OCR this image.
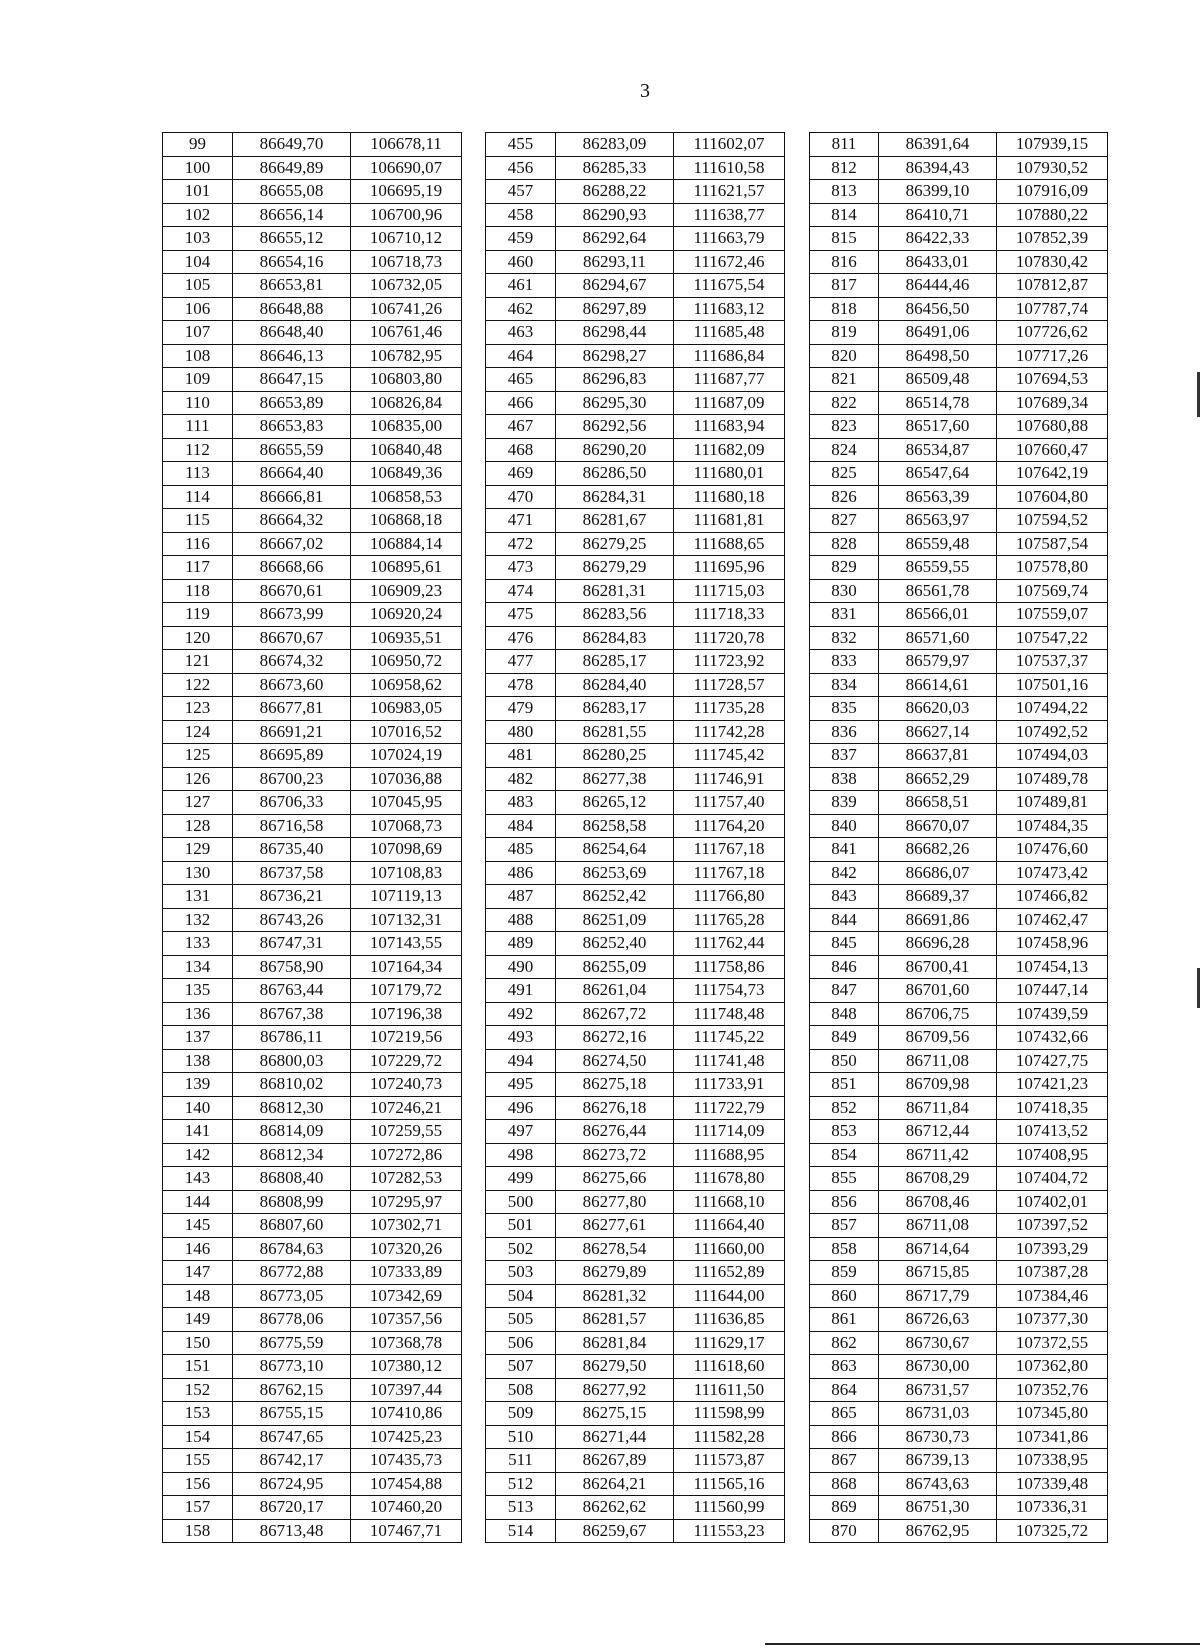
3
99	86649,70	106678,11		455	86283,09	111602,07		811	86391,64	107939,15
100	86649,89	106690,07		456	86285,33	111610,58		812	86394,43	107930,52
101	86655,08	106695,19		457	86288,22	111621,57		813	86399,10	107916,09
102	86656,14	106700,96		458	86290,93	111638,77		814	86410,71	107880,22
103	86655,12	106710,12		459	86292,64	111663,79		815	86422,33	107852,39
104	86654,16	106718,73		460	86293,11	111672,46		816	86433,01	107830,42
105	86653,81	106732,05		461	86294,67	111675,54		817	86444,46	107812,87
106	86648,88	106741,26		462	86297,89	111683,12		818	86456,50	107787,74
107	86648,40	106761,46		463	86298,44	111685,48		819	86491,06	107726,62
108	86646,13	106782,95		464	86298,27	111686,84		820	86498,50	107717,26
109	86647,15	106803,80		465	86296,83	111687,77		821	86509,48	107694,53
110	86653,89	106826,84		466	86295,30	111687,09		822	86514,78	107689,34
111	86653,83	106835,00		467	86292,56	111683,94		823	86517,60	107680,88
112	86655,59	106840,48		468	86290,20	111682,09		824	86534,87	107660,47
113	86664,40	106849,36		469	86286,50	111680,01		825	86547,64	107642,19
114	86666,81	106858,53		470	86284,31	111680,18		826	86563,39	107604,80
115	86664,32	106868,18		471	86281,67	111681,81		827	86563,97	107594,52
116	86667,02	106884,14		472	86279,25	111688,65		828	86559,48	107587,54
117	86668,66	106895,61		473	86279,29	111695,96		829	86559,55	107578,80
118	86670,61	106909,23		474	86281,31	111715,03		830	86561,78	107569,74
119	86673,99	106920,24		475	86283,56	111718,33		831	86566,01	107559,07
120	86670,67	106935,51		476	86284,83	111720,78		832	86571,60	107547,22
121	86674,32	106950,72		477	86285,17	111723,92		833	86579,97	107537,37
122	86673,60	106958,62		478	86284,40	111728,57		834	86614,61	107501,16
123	86677,81	106983,05		479	86283,17	111735,28		835	86620,03	107494,22
124	86691,21	107016,52		480	86281,55	111742,28		836	86627,14	107492,52
125	86695,89	107024,19		481	86280,25	111745,42		837	86637,81	107494,03
126	86700,23	107036,88		482	86277,38	111746,91		838	86652,29	107489,78
127	86706,33	107045,95		483	86265,12	111757,40		839	86658,51	107489,81
128	86716,58	107068,73		484	86258,58	111764,20		840	86670,07	107484,35
129	86735,40	107098,69		485	86254,64	111767,18		841	86682,26	107476,60
130	86737,58	107108,83		486	86253,69	111767,18		842	86686,07	107473,42
131	86736,21	107119,13		487	86252,42	111766,80		843	86689,37	107466,82
132	86743,26	107132,31		488	86251,09	111765,28		844	86691,86	107462,47
133	86747,31	107143,55		489	86252,40	111762,44		845	86696,28	107458,96
134	86758,90	107164,34		490	86255,09	111758,86		846	86700,41	107454,13
135	86763,44	107179,72		491	86261,04	111754,73		847	86701,60	107447,14
136	86767,38	107196,38		492	86267,72	111748,48		848	86706,75	107439,59
137	86786,11	107219,56		493	86272,16	111745,22		849	86709,56	107432,66
138	86800,03	107229,72		494	86274,50	111741,48		850	86711,08	107427,75
139	86810,02	107240,73		495	86275,18	111733,91		851	86709,98	107421,23
140	86812,30	107246,21		496	86276,18	111722,79		852	86711,84	107418,35
141	86814,09	107259,55		497	86276,44	111714,09		853	86712,44	107413,52
142	86812,34	107272,86		498	86273,72	111688,95		854	86711,42	107408,95
143	86808,40	107282,53		499	86275,66	111678,80		855	86708,29	107404,72
144	86808,99	107295,97		500	86277,80	111668,10		856	86708,46	107402,01
145	86807,60	107302,71		501	86277,61	111664,40		857	86711,08	107397,52
146	86784,63	107320,26		502	86278,54	111660,00		858	86714,64	107393,29
147	86772,88	107333,89		503	86279,89	111652,89		859	86715,85	107387,28
148	86773,05	107342,69		504	86281,32	111644,00		860	86717,79	107384,46
149	86778,06	107357,56		505	86281,57	111636,85		861	86726,63	107377,30
150	86775,59	107368,78		506	86281,84	111629,17		862	86730,67	107372,55
151	86773,10	107380,12		507	86279,50	111618,60		863	86730,00	107362,80
152	86762,15	107397,44		508	86277,92	111611,50		864	86731,57	107352,76
153	86755,15	107410,86		509	86275,15	111598,99		865	86731,03	107345,80
154	86747,65	107425,23		510	86271,44	111582,28		866	86730,73	107341,86
155	86742,17	107435,73		511	86267,89	111573,87		867	86739,13	107338,95
156	86724,95	107454,88		512	86264,21	111565,16		868	86743,63	107339,48
157	86720,17	107460,20		513	86262,62	111560,99		869	86751,30	107336,31
158	86713,48	107467,71		514	86259,67	111553,23		870	86762,95	107325,72
